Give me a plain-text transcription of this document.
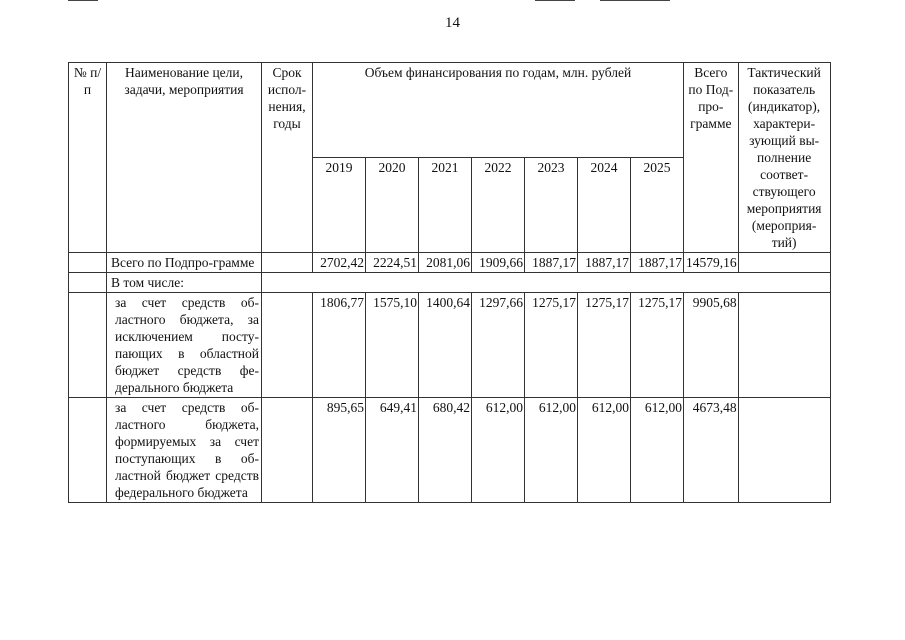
14
№ п/п	Наименование цели, задачи, мероприятия	Срок испол-нения, годы	Объем финансирования по годам, млн. рублей							Всего по Под-про-грамме	Тактический показатель (индикатор), характери-зующий вы-полнение соответ-ствующего мероприятия (мероприя-тий)
			2019	2020	2021	2022	2023	2024	2025		
	Всего по Подпро-грамме		2702,42	2224,51	2081,06	1909,66	1887,17	1887,17	1887,17	14579,16	
	В том числе:										
	за счет средств об-ластного бюджета, за исключением посту-пающих в областной бюджет средств фе-дерального бюджета		1806,77	1575,10	1400,64	1297,66	1275,17	1275,17	1275,17	9905,68	
	за счет средств об-ластного бюджета, формируемых за счет поступающих в об-ластной бюджет средств федерального бюджета		895,65	649,41	680,42	612,00	612,00	612,00	612,00	4673,48	
